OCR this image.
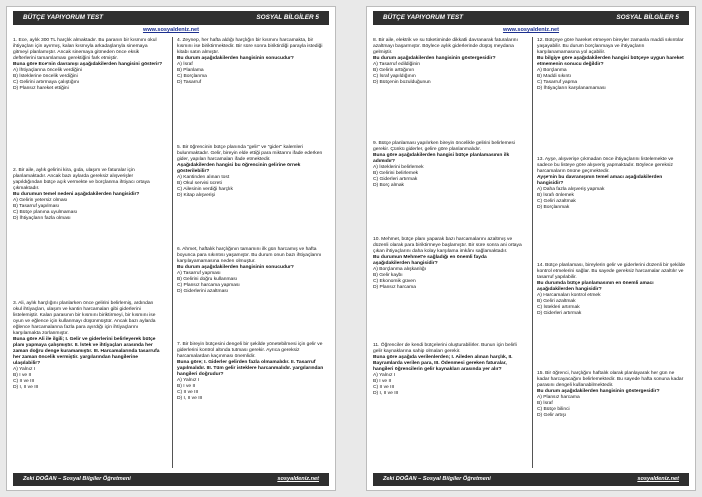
BÜTÇE YAPIYORUM TEST	SOSYAL BİLGİLER 5
www.sosyaldeniz.net
1. Ece, aylık 300 TL harçlık almaktadır. Bu paranın bir kısmını okul ihtiyaçları için ayırmış, kalan kısmıyla arkadaşlarıyla sinemaya gitmeyi planlamıştır. Ancak sinemaya gitmeden önce eksik defterlerini tamamlaması gerektiğini fark etmiştir.
Buna göre Ece'nin davranışı aşağıdakilerden hangisini gösterir?
A) İhtiyaçlarına öncelik verdiğini
B) İsteklerine öncelik verdiğini
C) Gelirini artırmaya çalıştığını
D) Plansız hareket ettiğini
2. Bir aile, aylık gelirini kira, gıda, ulaşım ve faturalar için planlamaktadır. Ancak bazı aylarda gereksiz alışverişler yapıldığından bütçe açık vermekte ve borçlanma ihtiyacı ortaya çıkmaktadır.
Bu durumun temel nedeni aşağıdakilerden hangisidir?
A) Gelirin yetersiz olması
B) Tasarruf yapılması
C) Bütçe planına uyulmaması
D) İhtiyaçların fazla olması
3. Ali, aylık harçlığını planlarken önce gelirini belirlemiş, ardından okul ihtiyaçları, ulaşım ve kantin harcamaları gibi giderlerini listelemiştir. Kalan parasının bir kısmını biriktirmeyi, bir kısmını ise oyun ve eğlence için kullanmayı düşünmüştür. Ancak bazı aylarda eğlence harcamalarına fazla para ayırdığı için ihtiyaçlarını karşılamakta zorlanmıştır.
Buna göre Ali ile ilgili; I. Gelir ve giderlerini belirleyerek bütçe planı yapmaya çalışmıştır. II. İstek ve ihtiyaçları arasında her zaman doğru denge kuramamıştır. III. Harcamalarında tasarrufa her zaman öncelik vermiştir. yargılarından hangilerine ulaşılabilir?
A) Yalnız I
B) I ve II
C) II ve III
D) I, II ve III
4. Zeynep, her hafta aldığı harçlığın bir kısmını harcamakta, bir kısmını ise biriktirmektedir. Bir süre sonra biriktirdiği parayla istediği kitabı satın almıştır.
Bu durum aşağıdakilerden hangisinin sonucudur?
A) İsraf
B) Planlama
C) Borçlanma
D) Tasarruf
5. Bir öğrencinin bütçe planında "gelir" ve "gider" kalemleri bulunmaktadır. Gelir, bireyin elde ettiği para miktarını ifade ederken gider, yapılan harcamaları ifade etmektedir.
Aşağıdakilerden hangisi bu öğrencinin gelirine örnek gösterilebilir?
A) Kantinden alınan tost
B) Okul servisi ücreti
C) Ailesinin verdiği harçlık
D) Kitap alışverişi
6. Ahmet, haftalık harçlığının tamamını ilk gün harcamış ve hafta boyunca para sıkıntısı yaşamıştır. Bu durum onun bazı ihtiyaçlarını karşılayamamasına neden olmuştur.
Bu durum aşağıdakilerden hangisinin sonucudur?
A) Tasarruf yapması
B) Gelirini doğru kullanması
C) Plansız harcama yapması
D) Giderlerini azaltması
7. Bir bireyin bütçesini dengeli bir şekilde yönetebilmesi için gelir ve giderlerini kontrol altında tutması gerekir. Ayrıca gereksiz harcamalardan kaçınması önemlidir.
Buna göre; I. Giderler gelirden fazla olmamalıdır. II. Tasarruf yapılmalıdır. III. Tüm gelir isteklere harcanmalıdır. yargılarından hangileri doğrudur?
A) Yalnız I
B) I ve II
C) II ve III
D) I, II ve III
Zeki DOĞAN – Sosyal Bilgiler Öğretmeni	sosyaldeniz.net
BÜTÇE YAPIYORUM TEST	SOSYAL BİLGİLER 5
www.sosyaldeniz.net
8. Bir aile, elektrik ve su tüketiminde dikkatli davranarak faturalarını azaltmayı başarmıştır. Böylece aylık giderlerinde düşüş meydana gelmiştir.
Bu durum aşağıdakilerden hangisinin göstergesidir?
A) Tasarruf edildiğinin
B) Gelirin arttığının
C) İsraf yapıldığının
D) Bütçenin bozulduğunun
9. Bütçe planlaması yapılırken bireyin öncelikle gelirini belirlemesi gerekir. Çünkü giderler, gelire göre planlanmalıdır.
Buna göre aşağıdakilerden hangisi bütçe planlamasının ilk adımıdır?
A) İsteklerini belirlemek
B) Gelirini belirlemek
C) Giderleri artırmak
D) Borç almak
10. Mehmet, bütçe planı yaparak bazı harcamalarını azaltmış ve düzenli olarak para biriktirmeye başlamıştır. Bir süre sonra ani ortaya çıkan ihtiyaçlarını daha kolay karşılama imkânı sağlamaktadır.
Bu durumun Mehmet'e sağladığı en önemli fayda aşağıdakilerden hangisidir?
A) Borçlanma alışkanlığı
B) Gelir kaybı
C) Ekonomik güven
D) Plansız harcama
11. Öğrenciler de kendi bütçelerini oluşturabilirler. Bunun için belirli gelir kaynaklarına sahip olmaları gerekir.
Buna göre aşağıda verilenlerden; I. Aileden alınan harçlık, II. Bayramlarda verilen para, III. Ödenmesi gereken faturalar, hangileri öğrencilerin gelir kaynakları arasında yer alır?
A) Yalnız I
B) I ve II
C) II ve III
D) I, II ve III
12. Bütçeye göre hareket etmeyen bireyler zamanla maddi sıkıntılar yaşayabilir. Bu durum borçlanmaya ve ihtiyaçların karşılanamamasına yol açabilir.
Bu bilgiye göre aşağıdakilerden hangisi bütçeye uygun hareket etmemenin sonucu değildir?
A) Borçlanma
B) Maddi sıkıntı
C) Tasarruf yapma
D) İhtiyaçların karşılanamaması
13. Ayşe, alışverişe çıkmadan önce ihtiyaçlarını listelemekte ve sadece bu listeye göre alışveriş yapmaktadır. Böylece gereksiz harcamaların önüne geçmektedir.
Ayşe'nin bu davranışının temel amacı aşağıdakilerden hangisidir?
A) Daha fazla alışveriş yapmak
B) İsrafı önlemek
C) Geliri azaltmak
D) Borçlanmak
14. Bütçe planlaması, bireylerin gelir ve giderlerini düzenli bir şekilde kontrol etmelerini sağlar. Bu sayede gereksiz harcamalar azaltılır ve tasarruf yapılabilir.
Bu durumda bütçe planlamasının en önemli amacı aşağıdakilerden hangisidir?
A) Harcamaları kontrol etmek
B) Geliri azaltmak
C) İstekleri artırmak
D) Giderleri artırmak
15. Bir öğrenci, harçlığını haftalık olarak planlayarak her gün ne kadar harcayacağını belirlemektedir. Bu sayede hafta sonuna kadar parasını dengeli kullanabilmektedir.
Bu durum aşağıdakilerden hangisinin göstergesidir?
A) Plansız harcama
B) İsraf
C) Bütçe bilinci
D) Gelir artışı
Zeki DOĞAN – Sosyal Bilgiler Öğretmeni	sosyaldeniz.net
